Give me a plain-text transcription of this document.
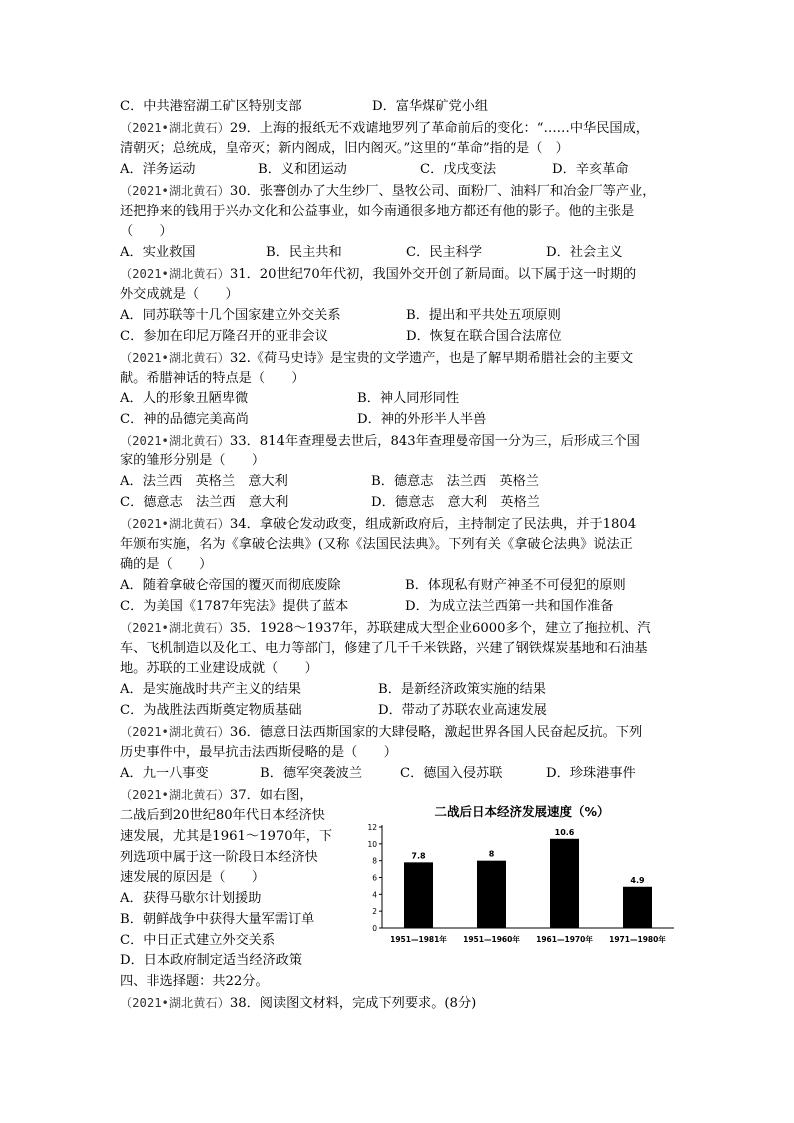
C．中共港窑湖工矿区特别支部	D．富华煤矿党小组
（2021•湖北黄石）29．上海的报纸无不戏谑地罗列了革命前后的变化：“……中华民国成，
清朝灭；总统成，皇帝灭；新内阁成，旧内阁灭。”这里的“革命”指的是（　）
A．洋务运动	B．义和团运动	C．戊戌变法	D．辛亥革命
（2021•湖北黄石）30．张謇创办了大生纱厂、垦牧公司、面粉厂、油料厂和冶金厂等产业，
还把挣来的钱用于兴办文化和公益事业，如今南通很多地方都还有他的影子。他的主张是
（　　）
A．实业救国	B．民主共和	C．民主科学	D．社会主义
（2021•湖北黄石）31．20世纪70年代初，我国外交开创了新局面。以下属于这一时期的
外交成就是（　　）
A．同苏联等十几个国家建立外交关系	B．提出和平共处五项原则
C．参加在印尼万隆召开的亚非会议	D．恢复在联合国合法席位
（2021•湖北黄石）32.《荷马史诗》是宝贵的文学遗产，也是了解早期希腊社会的主要文
献。希腊神话的特点是（　　）
A．人的形象丑陋卑微	B．神人同形同性
C．神的品德完美高尚	D．神的外形半人半兽
（2021•湖北黄石）33．814年查理曼去世后，843年查理曼帝国一分为三，后形成三个国
家的雏形分别是（　　）
A．法兰西　英格兰　意大利	B．德意志　法兰西　英格兰
C．德意志　法兰西　意大利	D．德意志　意大利　英格兰
（2021•湖北黄石）34．拿破仑发动政变，组成新政府后，主持制定了民法典，并于1804
年颁布实施，名为《拿破仑法典》(又称《法国民法典》。下列有关《拿破仑法典》说法正
确的是（　　）
A．随着拿破仑帝国的覆灭而彻底废除	B．体现私有财产神圣不可侵犯的原则
C．为美国《1787年宪法》提供了蓝本	D．为成立法兰西第一共和国作准备
（2021•湖北黄石）35．1928～1937年，苏联建成大型企业6000多个，建立了拖拉机、汽
车、飞机制造以及化工、电力等部门，修建了几千千米铁路，兴建了钢铁煤炭基地和石油基
地。苏联的工业建设成就（　　）
A．是实施战时共产主义的结果	B．是新经济政策实施的结果
C．为战胜法西斯奠定物质基础	D．带动了苏联农业高速发展
（2021•湖北黄石）36．德意日法西斯国家的大肆侵略，激起世界各国人民奋起反抗。下列
历史事件中，最早抗击法西斯侵略的是（　　）
A．九一八事变	B．德军突袭波兰	C．德国入侵苏联	D．珍珠港事件
（2021•湖北黄石）37．如右图，
二战后到20世纪80年代日本经济快
速发展，尤其是1961～1970年，下
列选项中属于这一阶段日本经济快
速发展的原因是（　　）
A．获得马歇尔计划援助
B．朝鲜战争中获得大量军需订单
C．中日正式建立外交关系
D．日本政府制定适当经济政策
二战后日本经济发展速度（%）
0
2
4
6
8
10
12
7.8
1951—1981年
8
1951—1960年
10.6
1961—1970年
4.9
1971—1980年
四、非选择题：共22分。
（2021•湖北黄石）38．阅读图文材料，完成下列要求。(8分)
